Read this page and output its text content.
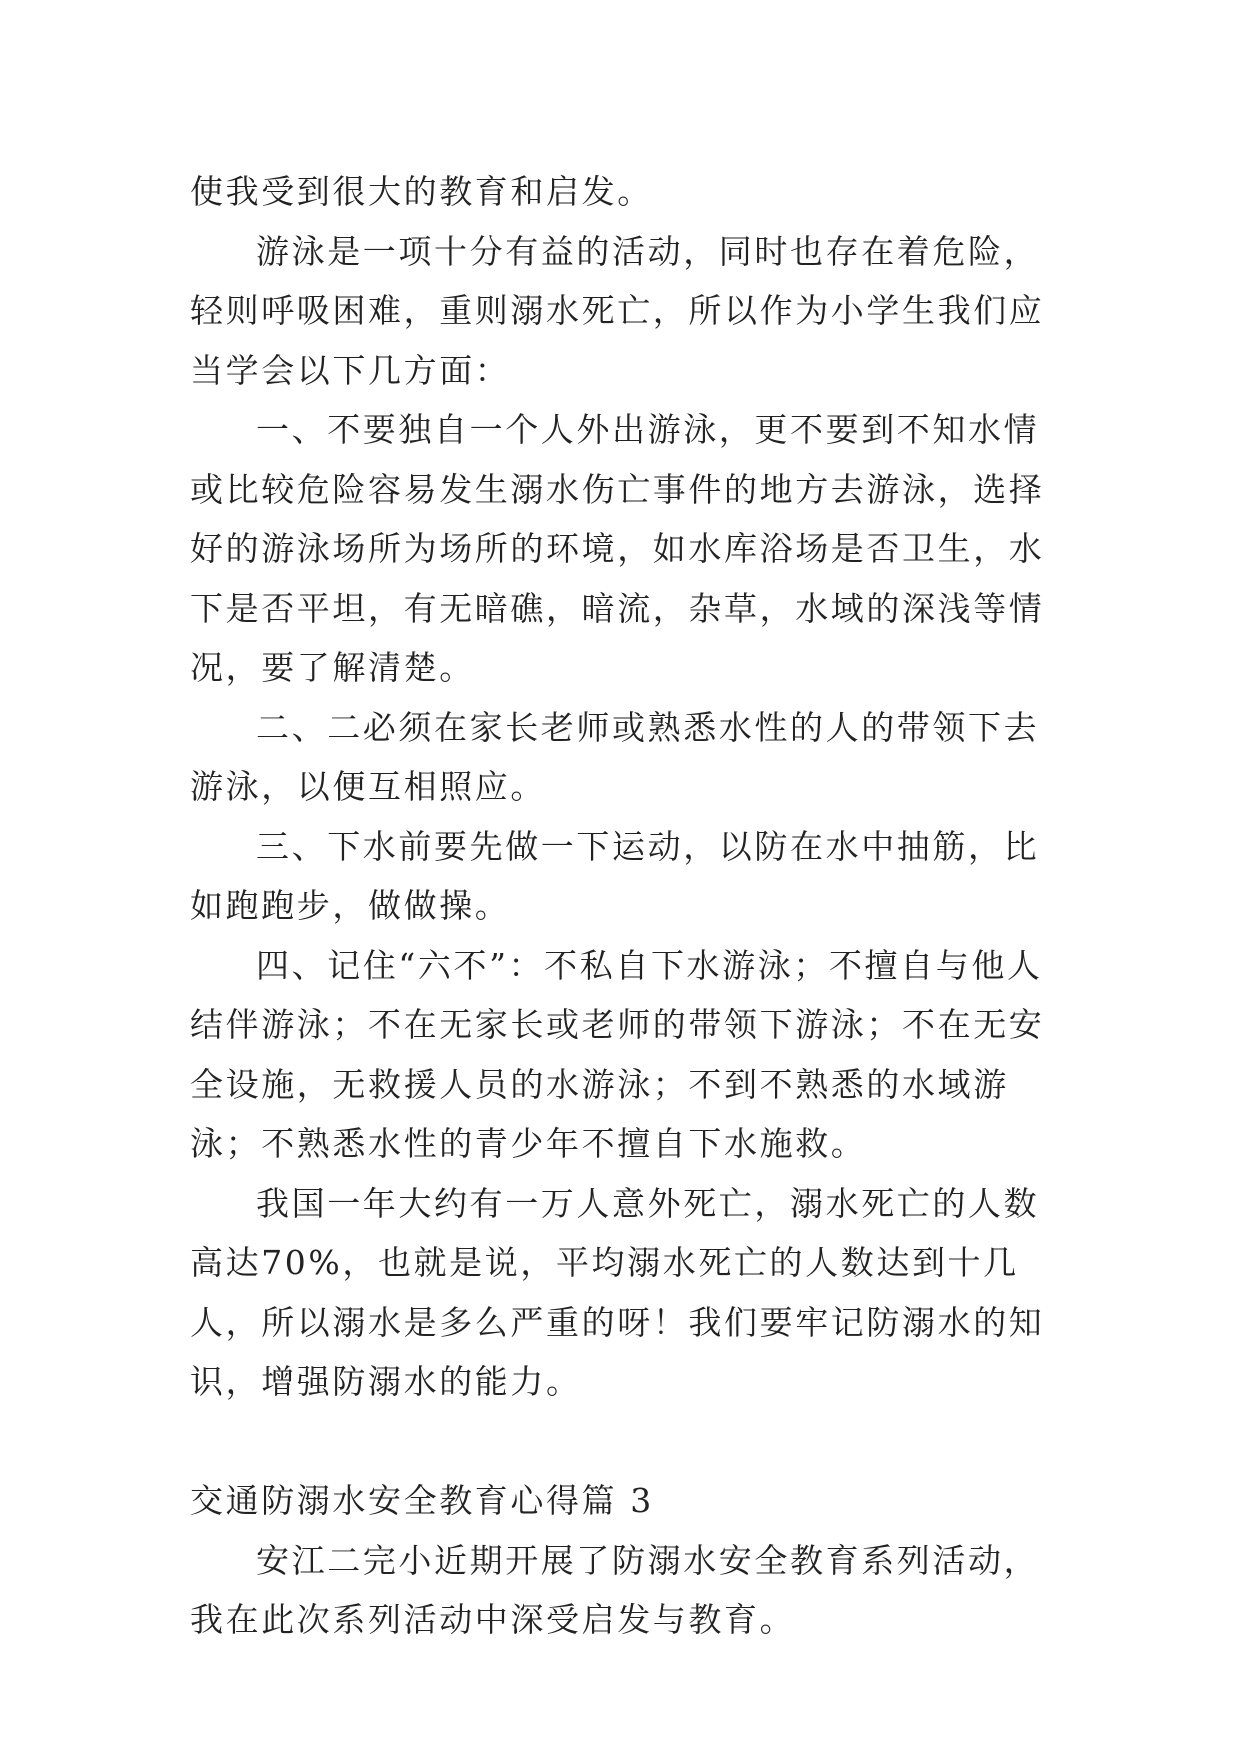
使我受到很大的教育和启发。

游泳是一项十分有益的活动，同时也存在着危险，轻则呼吸困难，重则溺水死亡，所以作为小学生我们应当学会以下几方面：

一、不要独自一个人外出游泳，更不要到不知水情或比较危险容易发生溺水伤亡事件的地方去游泳，选择好的游泳场所为场所的环境，如水库浴场是否卫生，水下是否平坦，有无暗礁，暗流，杂草，水域的深浅等情况，要了解清楚。

二、二必须在家长老师或熟悉水性的人的带领下去游泳，以便互相照应。

三、下水前要先做一下运动，以防在水中抽筋，比如跑跑步，做做操。

四、记住“六不”：不私自下水游泳；不擅自与他人结伴游泳；不在无家长或老师的带领下游泳；不在无安全设施，无救援人员的水游泳；不到不熟悉的水域游泳；不熟悉水性的青少年不擅自下水施救。

我国一年大约有一万人意外死亡，溺水死亡的人数高达70%，也就是说，平均溺水死亡的人数达到十几人，所以溺水是多么严重的呀！我们要牢记防溺水的知识，增强防溺水的能力。

交通防溺水安全教育心得篇 3

安江二完小近期开展了防溺水安全教育系列活动，我在此次系列活动中深受启发与教育。
